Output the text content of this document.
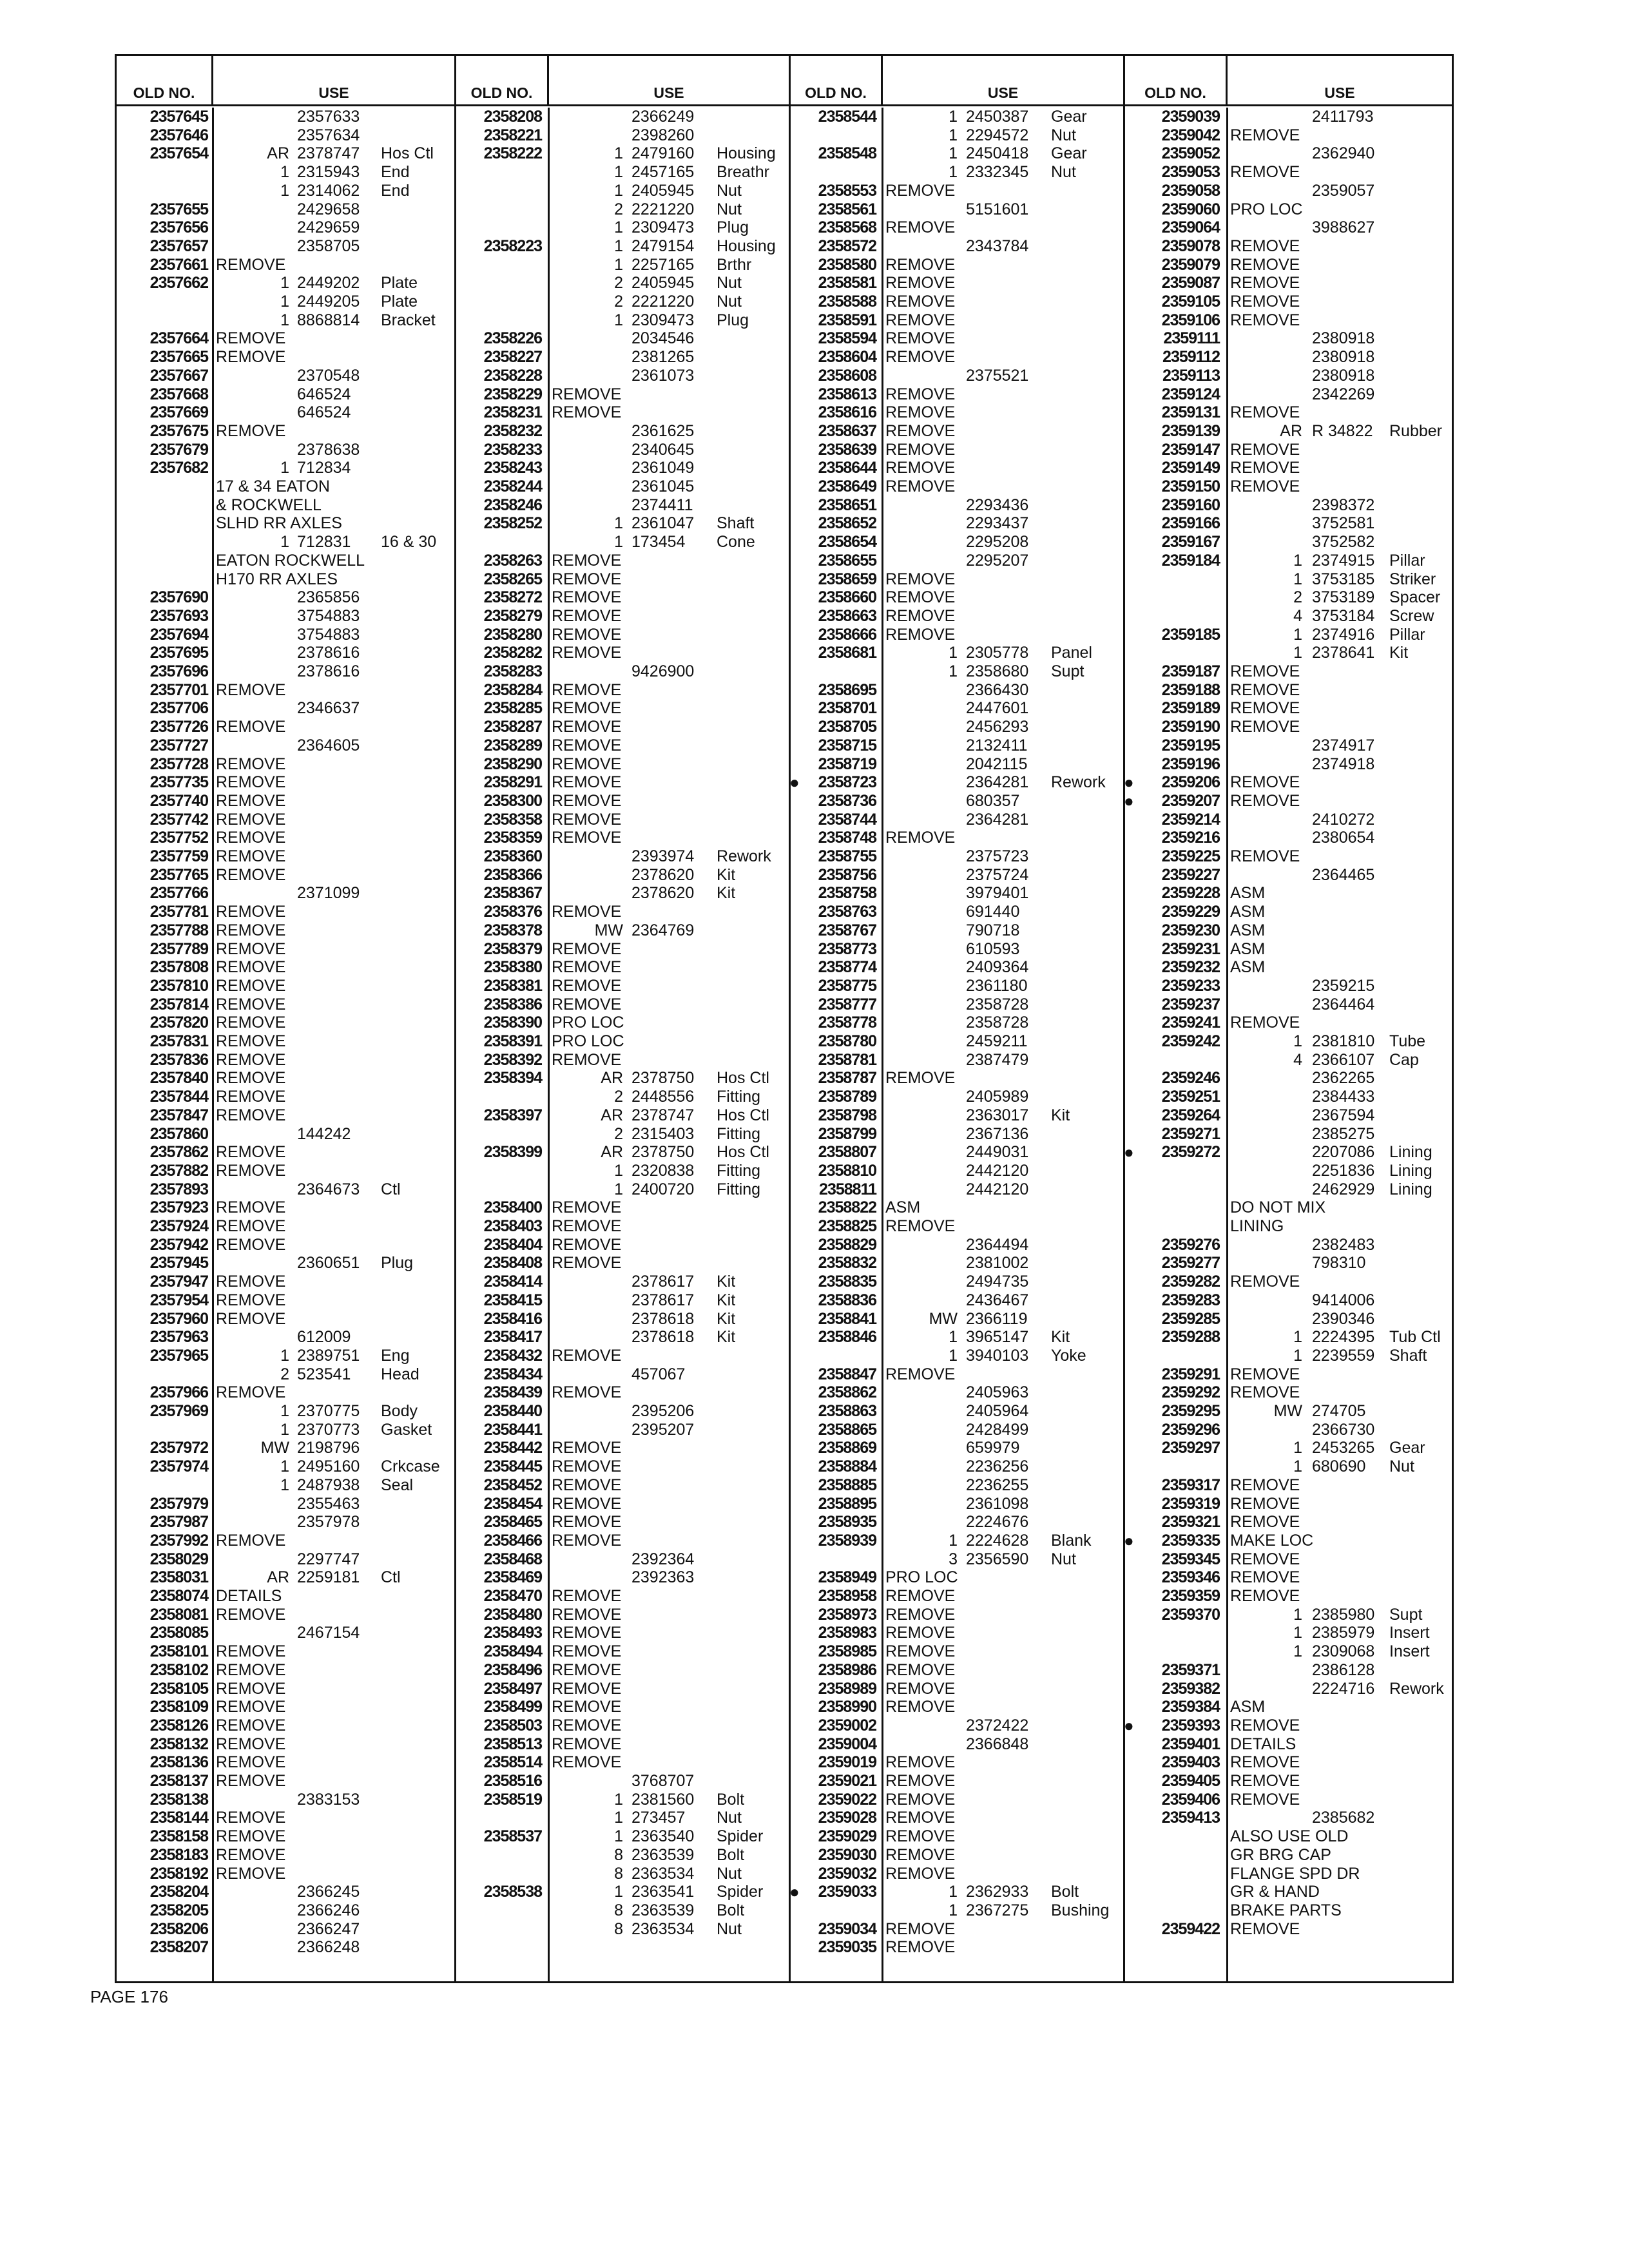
OLD NO.	USE
2357645	2357633
2357646	2357634
2357654	AR 2378747 Hos Ctl
1 2315943 End
1 2314062 End
2357655	2429658
2357656	2429659
2357657	2358705
2357661 REMOVE
2357662	1 2449202 Plate
1 2449205 Plate
1 8868814 Bracket
2357664 REMOVE
2357665 REMOVE
2357667	2370548
2357668	646524
2357669	646524
2357675 REMOVE
2357679	2378638
2357682	1 712834
17 & 34 EATON
& ROCKWELL
SLHD RR AXLES
1 712831 16 & 30
EATON ROCKWELL
H170 RR AXLES
2357690	2365856
2357693	3754883
2357694	3754883
2357695	2378616
2357696	2378616
2357701 REMOVE
2357706	2346637
2357726 REMOVE
2357727	2364605
2357728 REMOVE
2357735 REMOVE
2357740 REMOVE
2357742 REMOVE
2357752 REMOVE
2357759 REMOVE
2357765 REMOVE
2357766	2371099
2357781 REMOVE
2357788 REMOVE
2357789 REMOVE
2357808 REMOVE
2357810 REMOVE
2357814 REMOVE
2357820 REMOVE
2357831 REMOVE
2357836 REMOVE
2357840 REMOVE
2357844 REMOVE
2357847 REMOVE
2357860	144242
2357862 REMOVE
2357882 REMOVE
2357893	2364673 Ctl
2357923 REMOVE
2357924 REMOVE
2357942 REMOVE
2357945	2360651 Plug
2357947 REMOVE
2357954 REMOVE
2357960 REMOVE
2357963	612009
2357965	1 2389751 Eng
2 523541 Head
2357966 REMOVE
2357969	1 2370775 Body
1 2370773 Gasket
2357972	MW 2198796
2357974	1 2495160 Crkcase
1 2487938 Seal
2357979	2355463
2357987	2357978
2357992 REMOVE
2358029	2297747
2358031	AR 2259181 Ctl
2358074 DETAILS
2358081 REMOVE
2358085	2467154
2358101 REMOVE
2358102 REMOVE
2358105 REMOVE
2358109 REMOVE
2358126 REMOVE
2358132 REMOVE
2358136 REMOVE
2358137 REMOVE
2358138	2383153
2358144 REMOVE
2358158 REMOVE
2358183 REMOVE
2358192 REMOVE
2358204	2366245
2358205	2366246
2358206	2366247
2358207	2366248
OLD NO.	USE
2358208	2366249
2358221	2398260
2358222	1 2479160 Housing
1 2457165 Breathr
1 2405945 Nut
2 2221220 Nut
1 2309473 Plug
2358223	1 2479154 Housing
1 2257165 Brthr
2 2405945 Nut
2 2221220 Nut
1 2309473 Plug
2358226	2034546
2358227	2381265
2358228	2361073
2358229 REMOVE
2358231 REMOVE
2358232	2361625
2358233	2340645
2358243	2361049
2358244	2361045
2358246	2374411
2358252	1 2361047 Shaft
1 173454 Cone
2358263 REMOVE
2358265 REMOVE
2358272 REMOVE
2358279 REMOVE
2358280 REMOVE
2358282 REMOVE
2358283	9426900
2358284 REMOVE
2358285 REMOVE
2358287 REMOVE
2358289 REMOVE
2358290 REMOVE
2358291 REMOVE
2358300 REMOVE
2358358 REMOVE
2358359 REMOVE
2358360	2393974 Rework
2358366	2378620 Kit
2358367	2378620 Kit
2358376 REMOVE
2358378	MW 2364769
2358379 REMOVE
2358380 REMOVE
2358381 REMOVE
2358386 REMOVE
2358390 PRO LOC
2358391 PRO LOC
2358392 REMOVE
2358394	AR 2378750 Hos Ctl
2 2448556 Fitting
2358397	AR 2378747 Hos Ctl
2 2315403 Fitting
2358399	AR 2378750 Hos Ctl
1 2320838 Fitting
1 2400720 Fitting
2358400 REMOVE
2358403 REMOVE
2358404 REMOVE
2358408 REMOVE
2358414	2378617 Kit
2358415	2378617 Kit
2358416	2378618 Kit
2358417	2378618 Kit
2358432 REMOVE
2358434	457067
2358439 REMOVE
2358440	2395206
2358441	2395207
2358442 REMOVE
2358445 REMOVE
2358452 REMOVE
2358454 REMOVE
2358465 REMOVE
2358466 REMOVE
2358468	2392364
2358469	2392363
2358470 REMOVE
2358480 REMOVE
2358493 REMOVE
2358494 REMOVE
2358496 REMOVE
2358497 REMOVE
2358499 REMOVE
2358503 REMOVE
2358513 REMOVE
2358514 REMOVE
2358516	3768707
2358519	1 2381560 Bolt
1 273457 Nut
2358537	1 2363540 Spider
8 2363539 Bolt
8 2363534 Nut
2358538	1 2363541 Spider
8 2363539 Bolt
8 2363534 Nut
OLD NO.	USE
2358544	1 2450387 Gear
1 2294572 Nut
2358548	1 2450418 Gear
1 2332345 Nut
2358553 REMOVE
2358561	5151601
2358568 REMOVE
2358572	2343784
2358580 REMOVE
2358581 REMOVE
2358588 REMOVE
2358591 REMOVE
2358594 REMOVE
2358604 REMOVE
2358608	2375521
2358613 REMOVE
2358616 REMOVE
2358637 REMOVE
2358639 REMOVE
2358644 REMOVE
2358649 REMOVE
2358651	2293436
2358652	2293437
2358654	2295208
2358655	2295207
2358659 REMOVE
2358660 REMOVE
2358663 REMOVE
2358666 REMOVE
2358681	1 2305778 Panel
1 2358680 Supt
2358695	2366430
2358701	2447601
2358705	2456293
2358715	2132411
2358719	2042115
● 2358723	2364281 Rework
2358736	680357
2358744	2364281
2358748 REMOVE
2358755	2375723
2358756	2375724
2358758	3979401
2358763	691440
2358767	790718
2358773	610593
2358774	2409364
2358775	2361180
2358777	2358728
2358778	2358728
2358780	2459211
2358781	2387479
2358787 REMOVE
2358789	2405989
2358798	2363017 Kit
2358799	2367136
2358807	2449031
2358810	2442120
2358811	2442120
2358822 ASM
2358825 REMOVE
2358829	2364494
2358832	2381002
2358835	2494735
2358836	2436467
2358841	MW 2366119
2358846	1 3965147 Kit
1 3940103 Yoke
2358847 REMOVE
2358862	2405963
2358863	2405964
2358865	2428499
2358869	659979
2358884	2236256
2358885	2236255
2358895	2361098
2358935	2224676
2358939	1 2224628 Blank
3 2356590 Nut
2358949 PRO LOC
2358958 REMOVE
2358973 REMOVE
2358983 REMOVE
2358985 REMOVE
2358986 REMOVE
2358989 REMOVE
2358990 REMOVE
2359002	2372422
2359004	2366848
2359019 REMOVE
2359021 REMOVE
2359022 REMOVE
2359028 REMOVE
2359029 REMOVE
2359030 REMOVE
2359032 REMOVE
● 2359033	1 2362933 Bolt
1 2367275 Bushing
2359034 REMOVE
2359035 REMOVE
OLD NO.	USE
2359039	2411793
2359042 REMOVE
2359052	2362940
2359053 REMOVE
2359058	2359057
2359060 PRO LOC
2359064	3988627
2359078 REMOVE
2359079 REMOVE
2359087 REMOVE
2359105 REMOVE
2359106 REMOVE
2359111	2380918
2359112	2380918
2359113	2380918
2359124	2342269
2359131 REMOVE
2359139	AR R 34822 Rubber
2359147 REMOVE
2359149 REMOVE
2359150 REMOVE
2359160	2398372
2359166	3752581
2359167	3752582
2359184	1 2374915 Pillar
1 3753185 Striker
2 3753189 Spacer
4 3753184 Screw
2359185	1 2374916 Pillar
1 2378641 Kit
2359187 REMOVE
2359188 REMOVE
2359189 REMOVE
2359190 REMOVE
2359195	2374917
2359196	2374918
● 2359206 REMOVE
● 2359207 REMOVE
2359214	2410272
2359216	2380654
2359225 REMOVE
2359227	2364465
2359228 ASM
2359229 ASM
2359230 ASM
2359231 ASM
2359232 ASM
2359233	2359215
2359237	2364464
2359241 REMOVE
2359242	1 2381810 Tube
4 2366107 Cap
2359246	2362265
2359251	2384433
2359264	2367594
2359271	2385275
● 2359272	2207086 Lining
2251836 Lining
2462929 Lining
DO NOT MIX
LINING
2359276	2382483
2359277	798310
2359282 REMOVE
2359283	9414006
2359285	2390346
2359288	1 2224395 Tub Ctl
1 2239559 Shaft
2359291 REMOVE
2359292 REMOVE
2359295	MW 274705
2359296	2366730
2359297	1 2453265 Gear
1 680690 Nut
2359317 REMOVE
2359319 REMOVE
2359321 REMOVE
● 2359335 MAKE LOC
2359345 REMOVE
2359346 REMOVE
2359359 REMOVE
2359370	1 2385980 Supt
1 2385979 Insert
1 2309068 Insert
2359371	2386128
2359382	2224716 Rework
2359384 ASM
● 2359393 REMOVE
2359401 DETAILS
2359403 REMOVE
2359405 REMOVE
2359406 REMOVE
2359413	2385682
ALSO USE OLD
GR BRG CAP
FLANGE SPD DR
GR & HAND
BRAKE PARTS
2359422 REMOVE
PAGE 176
